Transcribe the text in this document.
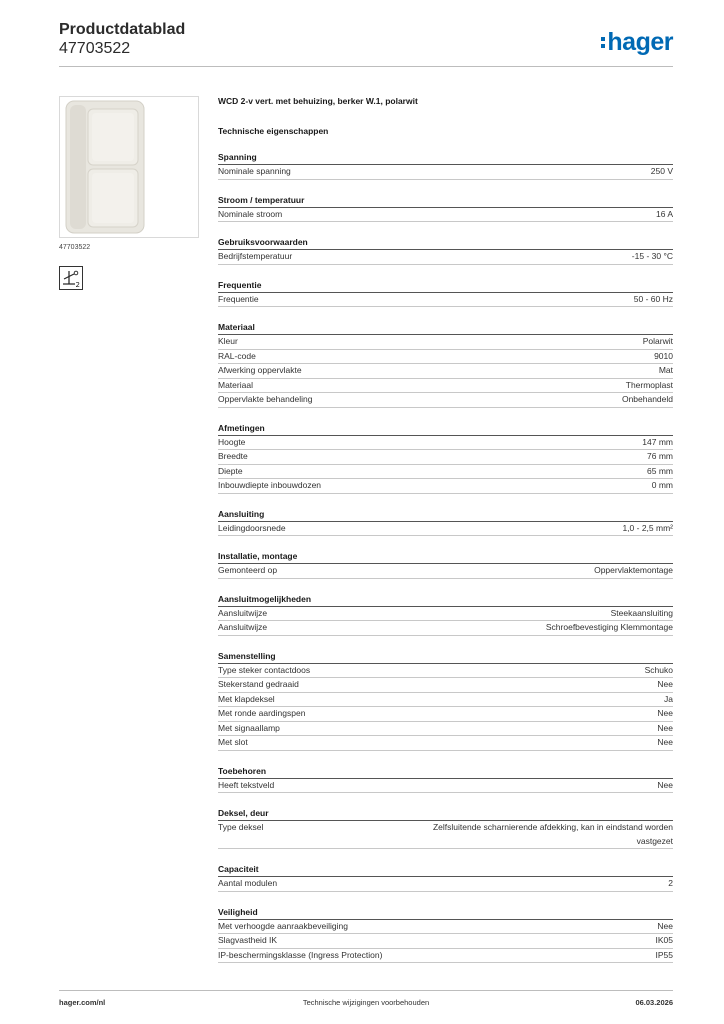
Productdatablad
47703522	hager
47703522
2
WCD 2-v vert. met behuizing, berker W.1, polarwit
Technische eigenschappen
Spanning
Nominale spanning	250 V
Stroom / temperatuur
Nominale stroom	16 A
Gebruiksvoorwaarden
Bedrijfstemperatuur	-15 - 30 °C
Frequentie
Frequentie	50 - 60 Hz
Materiaal
Kleur	Polarwit
RAL-code	9010
Afwerking oppervlakte	Mat
Materiaal	Thermoplast
Oppervlakte behandeling	Onbehandeld
Afmetingen
Hoogte	147 mm
Breedte	76 mm
Diepte	65 mm
Inbouwdiepte inbouwdozen	0 mm
Aansluiting
Leidingdoorsnede	1,0 - 2,5 mm²
Installatie, montage
Gemonteerd op	Oppervlaktemontage
Aansluitmogelijkheden
Aansluitwijze	Steekaansluiting
Aansluitwijze	Schroefbevestiging Klemmontage
Samenstelling
Type steker contactdoos	Schuko
Stekerstand gedraaid	Nee
Met klapdeksel	Ja
Met ronde aardingspen	Nee
Met signaallamp	Nee
Met slot	Nee
Toebehoren
Heeft tekstveld	Nee
Deksel, deur
Type deksel	Zelfsluitende scharnierende afdekking, kan in eindstand worden vastgezet
Capaciteit
Aantal modulen	2
Veiligheid
Met verhoogde aanraakbeveiliging	Nee
Slagvastheid IK	IK05
IP-beschermingsklasse (Ingress Protection)	IP55
hager.com/nl	Technische wijzigingen voorbehouden	06.03.2026
